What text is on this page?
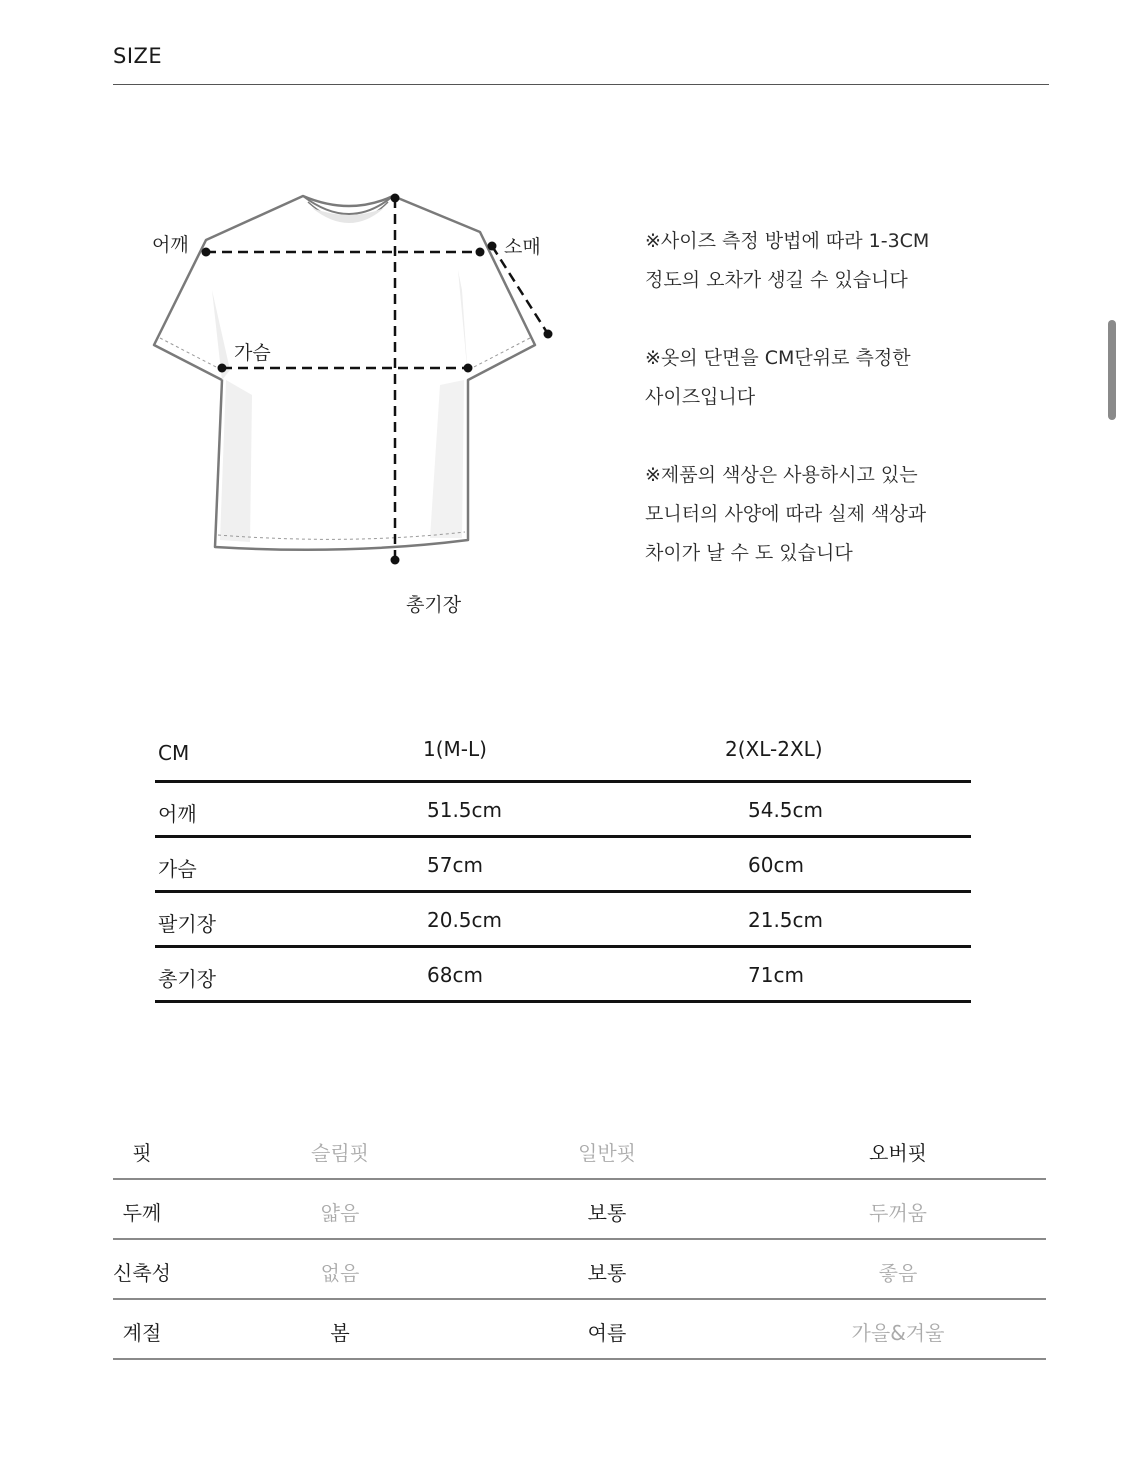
SIZE
어깨	소매
가슴
총기장
※사이즈 측정 방법에 따라 1-3CM
정도의 오차가 생길 수 있습니다
※옷의 단면을 CM단위로 측정한
사이즈입니다
※제품의 색상은 사용하시고 있는
모니터의 사양에 따라 실제 색상과
차이가 날 수 도 있습니다
CM	1(M-L)	2(XL-2XL)
어깨	51.5cm	54.5cm
가슴	57cm	60cm
팔기장	20.5cm	21.5cm
총기장	68cm	71cm
핏	슬림핏	일반핏	오버핏
두께	얇음	보통	두꺼움
신축성	없음	보통	좋음
계절	봄	여름	가을&겨울
